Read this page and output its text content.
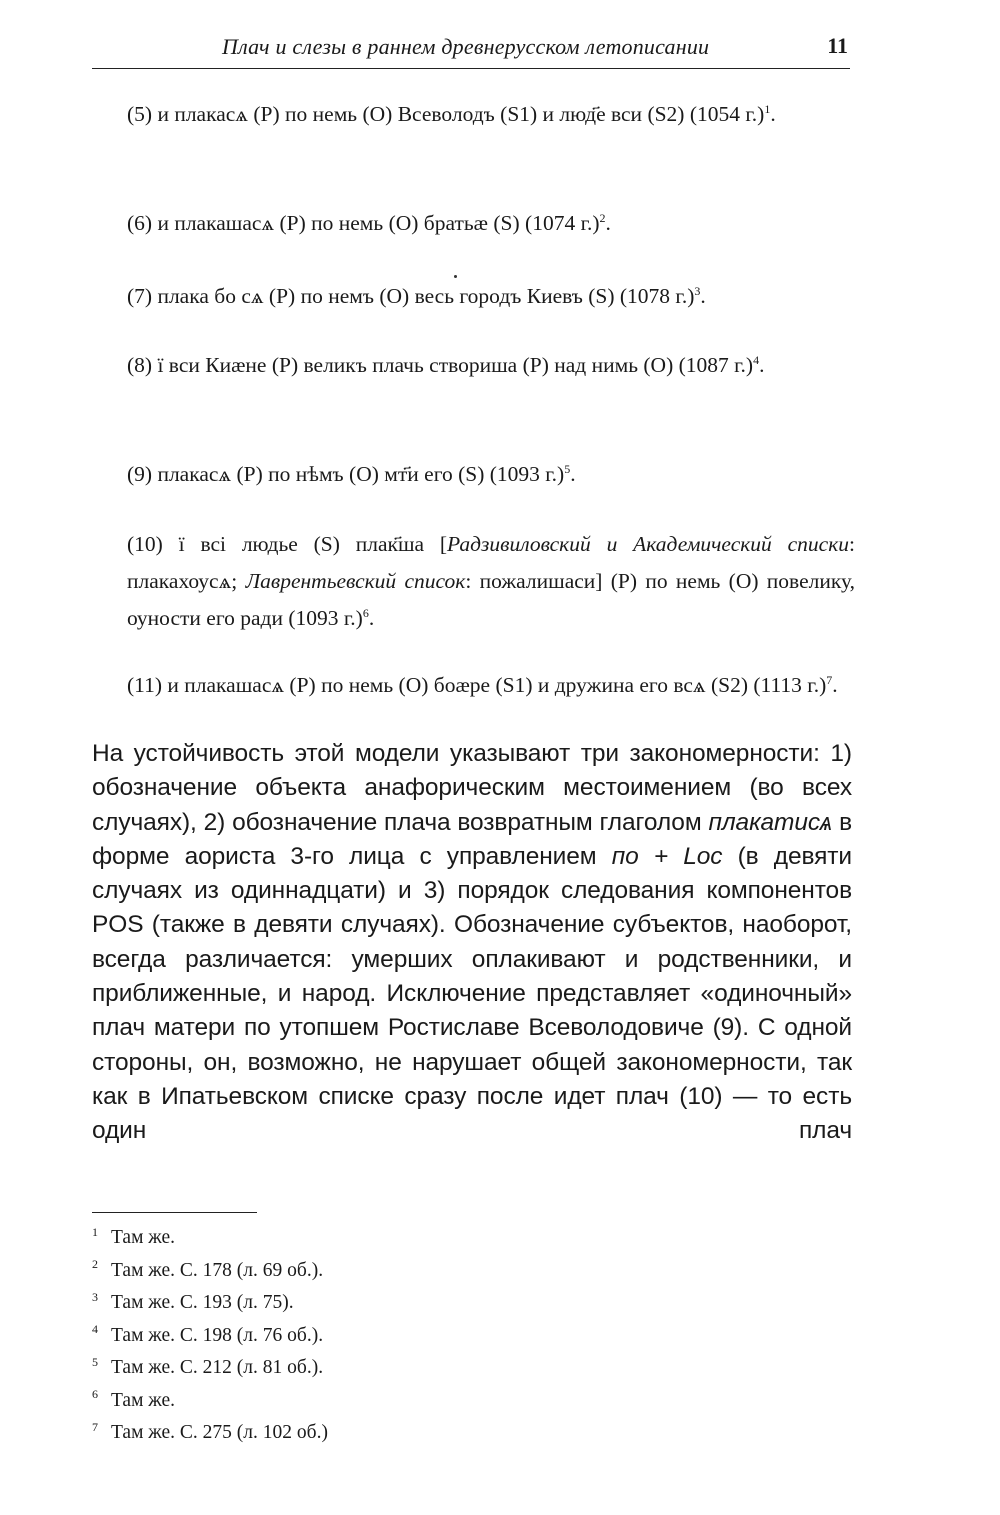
Плач и слезы в раннем древнерусском летописании	11

(5) и плакасѧ (P) по немь (O) Всеволодъ (S1) и люд҃е вси (S2) (1054 г.)$^1$.

(6) и плакашасѧ (P) по немь (O) братьæ (S) (1074 г.)$^2$.

(7) плака бо сѧ (P) по немъ (O) весь городъ Киевъ (S) (1078 г.)$^3$.

(8) ї вси Киæне (P) великъ плачь створиша (P) над нимь (O) (1087 г.)$^4$.

(9) плакасѧ (P) по нѣмъ (O) мт҃и его (S) (1093 г.)$^5$.

(10) ї всі людье (S) плак҃ша [Радзивиловский и Академический списки: плакахоусѧ; Лаврентьевский список: пожалишаси] (P) по немь (O) повелику, оуности его ради (1093 г.)$^6$.

(11) и плакашасѧ (P) по немь (O) боæре (S1) и дружина его всѧ (S2) (1113 г.)$^7$.

На устойчивость этой модели указывают три закономерности: 1) обозначение объекта анафорическим местоимением (во всех случаях), 2) обозначение плача возвратным глаголом плакатисѧ в форме аориста 3-го лица с управлением по + Loc (в девяти случаях из одиннадцати) и 3) порядок следования компонентов POS (также в девяти случаях). Обозначение субъектов, наоборот, всегда различается: умерших оплакивают и родственники, и приближенные, и народ. Исключение представляет «одиночный» плач матери по утопшем Ростиславе Всеволодовиче (9). С одной стороны, он, возможно, не нарушает общей закономерности, так как в Ипатьевском списке сразу после идет плач (10) — то есть один плач

1 Там же.
2 Там же. С. 178 (л. 69 об.).
3 Там же. С. 193 (л. 75).
4 Там же. С. 198 (л. 76 об.).
5 Там же. С. 212 (л. 81 об.).
6 Там же.
7 Там же. С. 275 (л. 102 об.)
